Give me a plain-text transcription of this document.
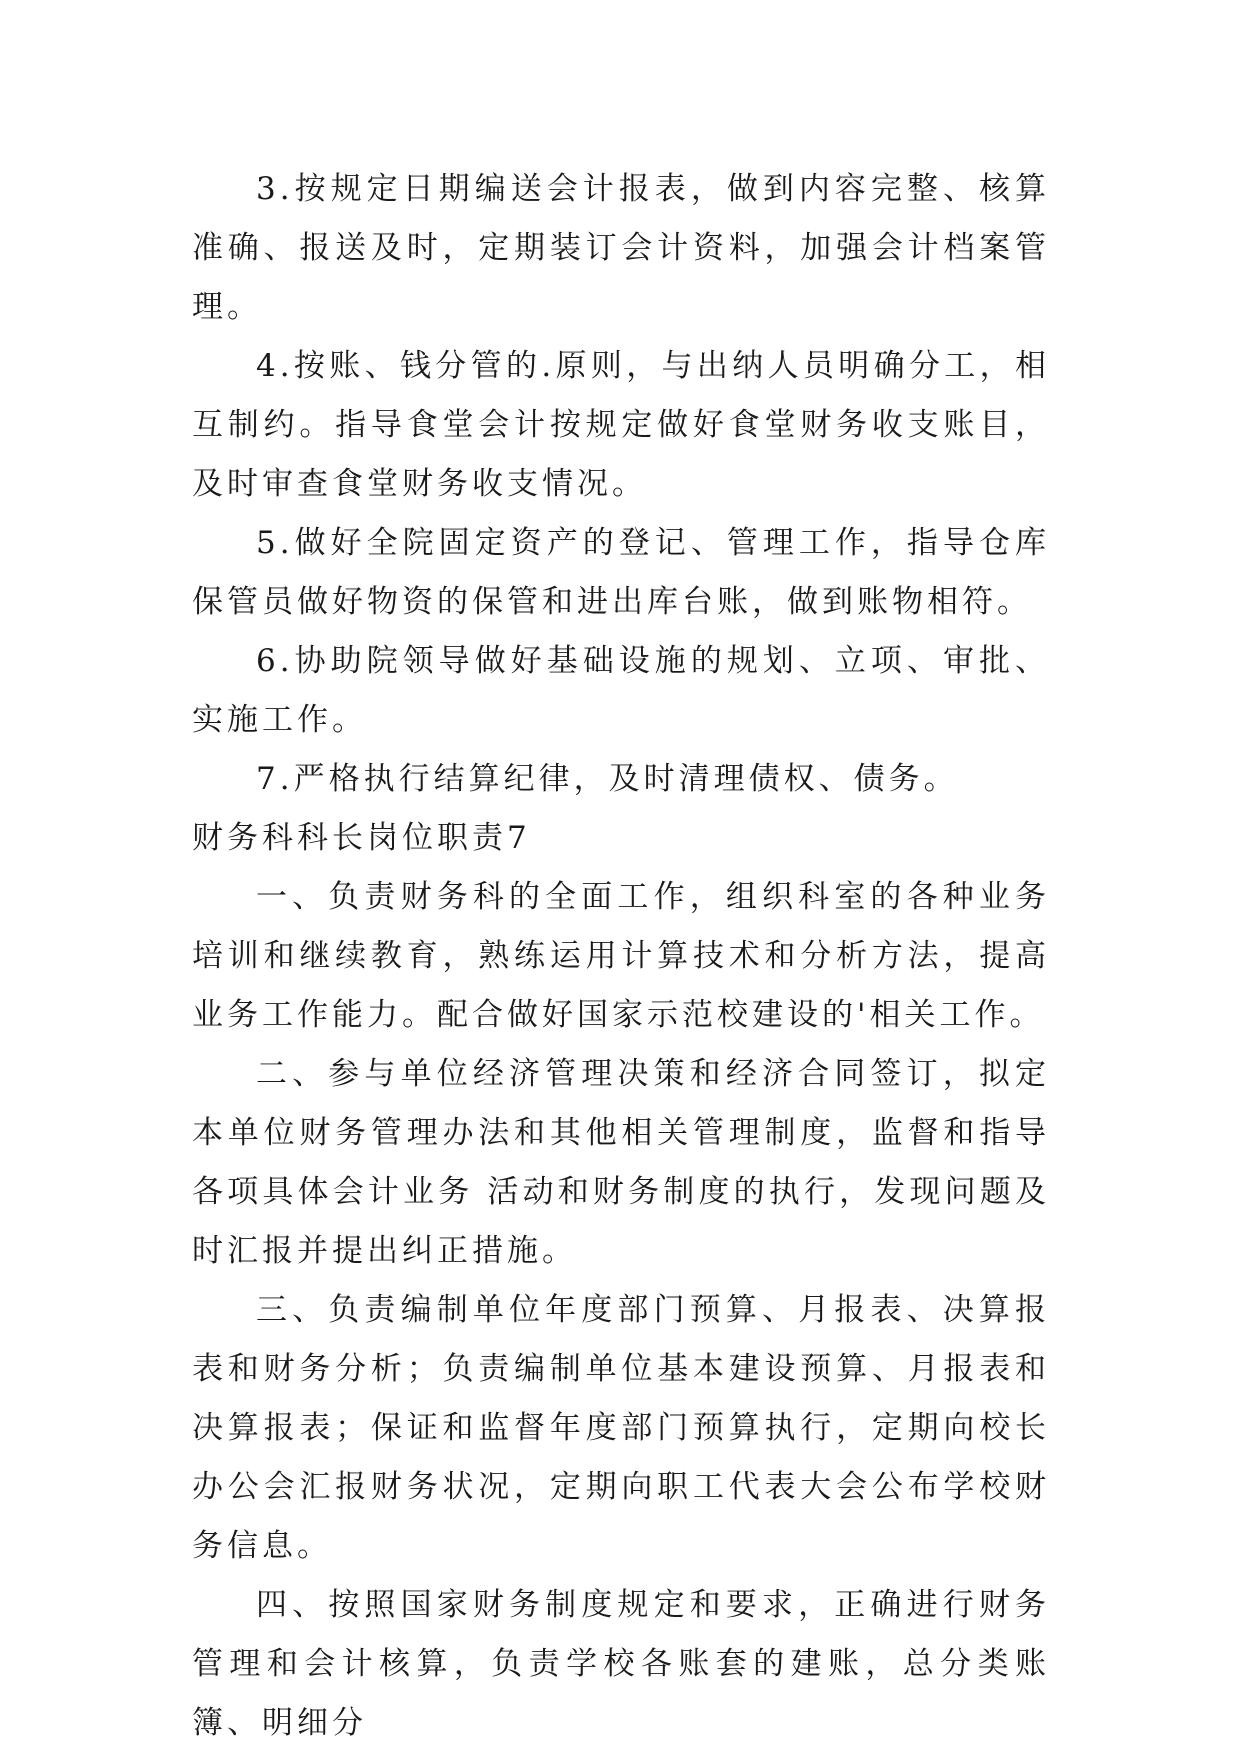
3.按规定日期编送会计报表，做到内容完整、核算准确、报送及时，定期装订会计资料，加强会计档案管理。

4.按账、钱分管的.原则，与出纳人员明确分工，相互制约。指导食堂会计按规定做好食堂财务收支账目，及时审查食堂财务收支情况。

5.做好全院固定资产的登记、管理工作，指导仓库保管员做好物资的保管和进出库台账，做到账物相符。

6.协助院领导做好基础设施的规划、立项、审批、实施工作。

7.严格执行结算纪律，及时清理债权、债务。

财务科科长岗位职责7

一、负责财务科的全面工作，组织科室的各种业务培训和继续教育，熟练运用计算技术和分析方法，提高业务工作能力。配合做好国家示范校建设的'相关工作。

二、参与单位经济管理决策和经济合同签订，拟定本单位财务管理办法和其他相关管理制度，监督和指导各项具体会计业务 活动和财务制度的执行，发现问题及时汇报并提出纠正措施。

三、负责编制单位年度部门预算、月报表、决算报表和财务分析；负责编制单位基本建设预算、月报表和决算报表；保证和监督年度部门预算执行，定期向校长办公会汇报财务状况，定期向职工代表大会公布学校财务信息。

四、按照国家财务制度规定和要求，正确进行财务管理和会计核算，负责学校各账套的建账，总分类账簿、明细分
